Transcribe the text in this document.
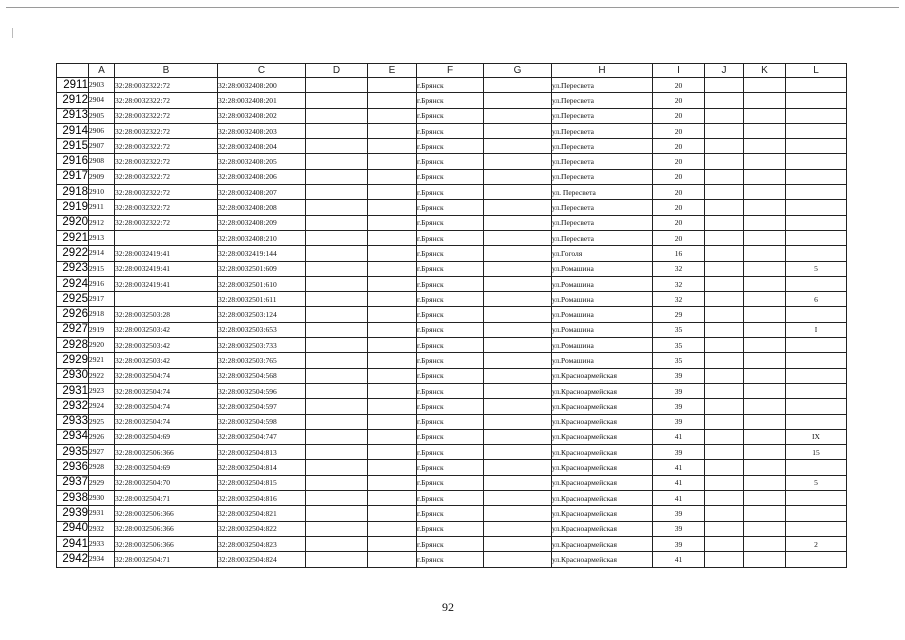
	A	B	C	D	E	F	G	H	I	J	K	L
2911	2903	32:28:0032322:72	32:28:0032408:200			г.Брянск		ул.Пересвета	20			
2912	2904	32:28:0032322:72	32:28:0032408:201			г.Брянск		ул.Пересвета	20			
2913	2905	32:28:0032322:72	32:28:0032408:202			г.Брянск		ул.Пересвета	20			
2914	2906	32:28:0032322:72	32:28:0032408:203			г.Брянск		ул.Пересвета	20			
2915	2907	32:28:0032322:72	32:28:0032408:204			г.Брянск		ул.Пересвета	20			
2916	2908	32:28:0032322:72	32:28:0032408:205			г.Брянск		ул.Пересвета	20			
2917	2909	32:28:0032322:72	32:28:0032408:206			г.Брянск		ул.Пересвета	20			
2918	2910	32:28:0032322:72	32:28:0032408:207			г.Брянск		ул. Пересвета	20			
2919	2911	32:28:0032322:72	32:28:0032408:208			г.Брянск		ул.Пересвета	20			
2920	2912	32:28:0032322:72	32:28:0032408:209			г.Брянск		ул.Пересвета	20			
2921	2913		32:28:0032408:210			г.Брянск		ул.Пересвета	20			
2922	2914	32:28:0032419:41	32:28:0032419:144			г.Брянск		ул.Гоголя	16			
2923	2915	32:28:0032419:41	32:28:0032501:609			г.Брянск		ул.Ромашина	32			5
2924	2916	32:28:0032419:41	32:28:0032501:610			г.Брянск		ул.Ромашина	32			
2925	2917		32:28:0032501:611			г.Брянск		ул.Ромашина	32			6
2926	2918	32:28:0032503:28	32:28:0032503:124			г.Брянск		ул.Ромашина	29			
2927	2919	32:28:0032503:42	32:28:0032503:653			г.Брянск		ул.Ромашина	35			I
2928	2920	32:28:0032503:42	32:28:0032503:733			г.Брянск		ул.Ромашина	35			
2929	2921	32:28:0032503:42	32:28:0032503:765			г.Брянск		ул.Ромашина	35			
2930	2922	32:28:0032504:74	32:28:0032504:568			г.Брянск		ул.Красноармейская	39			
2931	2923	32:28:0032504:74	32:28:0032504:596			г.Брянск		ул.Красноармейская	39			
2932	2924	32:28:0032504:74	32:28:0032504:597			г.Брянск		ул.Красноармейская	39			
2933	2925	32:28:0032504:74	32:28:0032504:598			г.Брянск		ул.Красноармейская	39			
2934	2926	32:28:0032504:69	32:28:0032504:747			г.Брянск		ул.Красноармейская	41			IX
2935	2927	32:28:0032506:366	32:28:0032504:813			г.Брянск		ул.Красноармейская	39			15
2936	2928	32:28:0032504:69	32:28:0032504:814			г.Брянск		ул.Красноармейская	41			
2937	2929	32:28:0032504:70	32:28:0032504:815			г.Брянск		ул.Красноармейская	41			5
2938	2930	32:28:0032504:71	32:28:0032504:816			г.Брянск		ул.Красноармейская	41			
2939	2931	32:28:0032506:366	32:28:0032504:821			г.Брянск		ул.Красноармейская	39			
2940	2932	32:28:0032506:366	32:28:0032504:822			г.Брянск		ул.Красноармейская	39			
2941	2933	32:28:0032506:366	32:28:0032504:823			г.Брянск		ул.Красноармейская	39			2
2942	2934	32:28:0032504:71	32:28:0032504:824			г.Брянск		ул.Красноармейская	41			
92
